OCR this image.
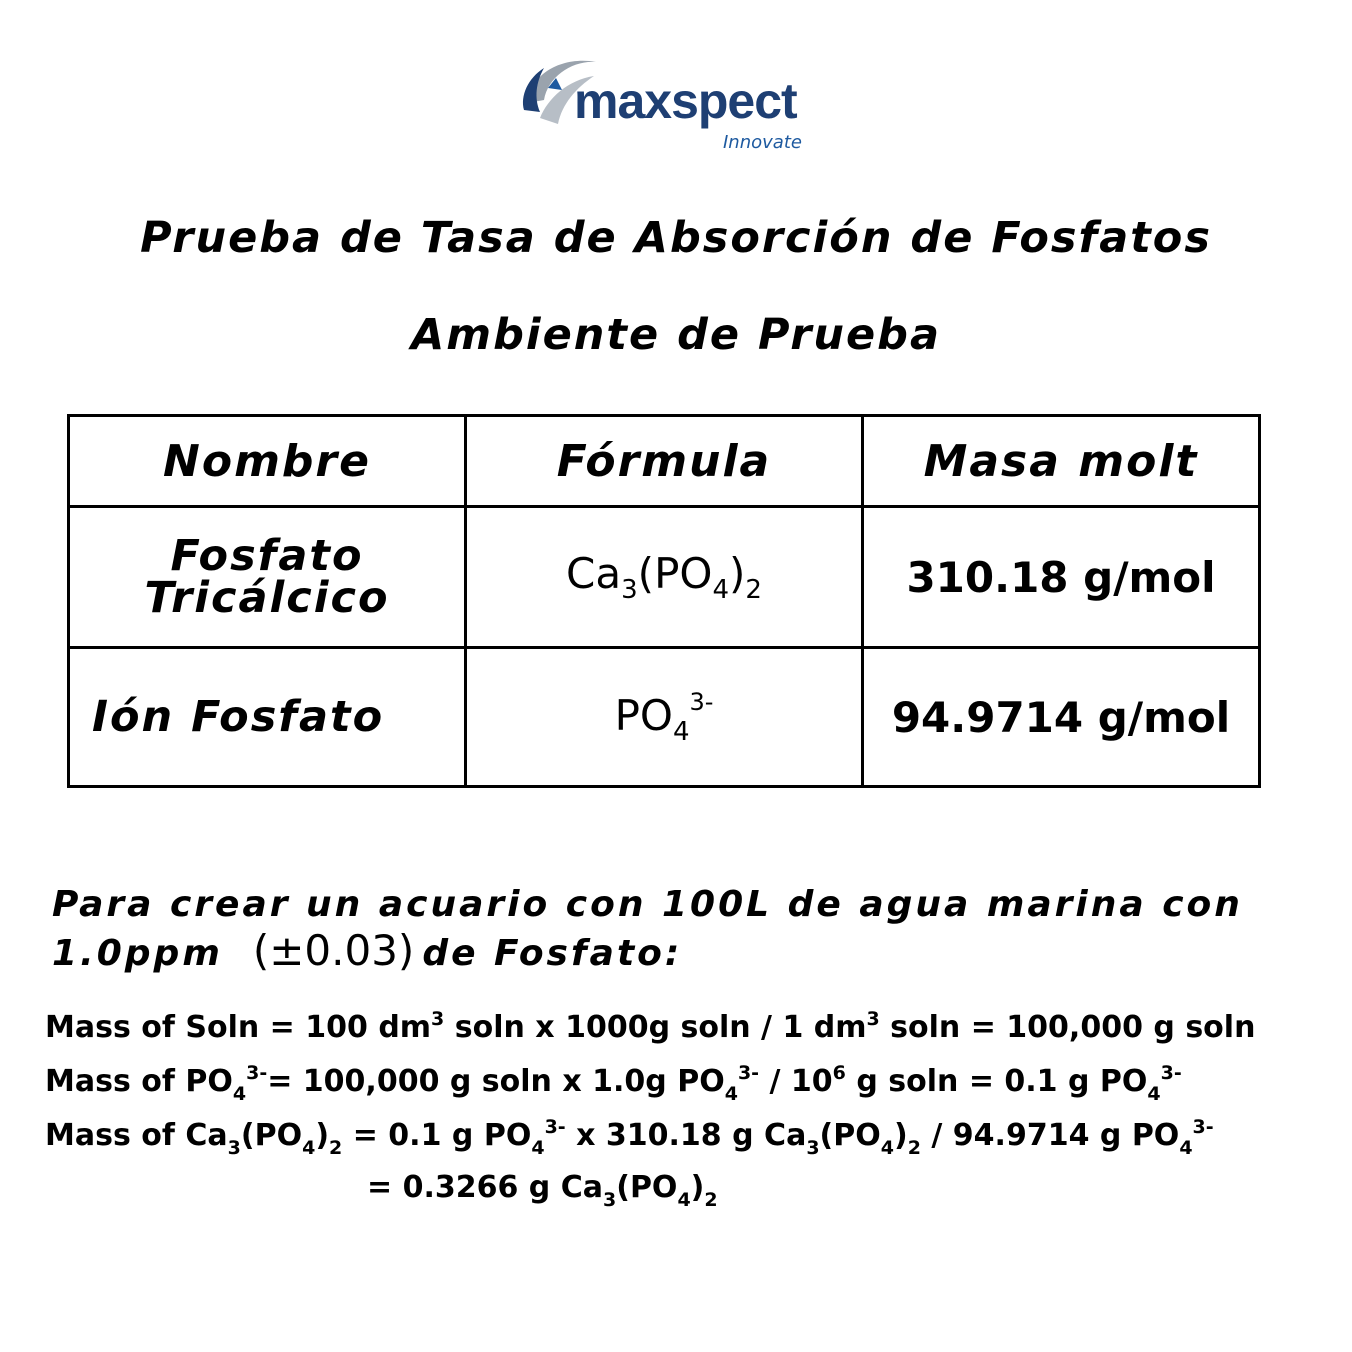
maxspect
Innovate
Prueba de Tasa de Absorción de Fosfatos
Ambiente de Prueba
Nombre	Fórmula	Masa molt

Fosfato
Tricálcico	$Ca_3(PO_4)_2$	310.18 g/mol
Ión Fosfato	$PO_4^{3-}$	94.9714 g/mol
Para crear un acuario con 100L de agua marina con
1.0ppm (±0.03) de Fosfato:
Mass of Soln = 100 $dm^3$ soln x 1000g soln / 1 $dm^3$ soln = 100,000 g soln
Mass of $PO_4^{3-}= 100,000$ g soln x 1.0g $PO_4^{3-} / 10^6$ g soln = 0.1 g $PO_4^{3-}$
Mass of $Ca_3(PO_4)_2 = 0.1$ g $PO_4^{3-}$ x 310.18 g $Ca_3(PO_4)_2 / 94.9714$ g $PO_4^{3-}$
= 0.3266 g $Ca_3(PO_4)_2$
